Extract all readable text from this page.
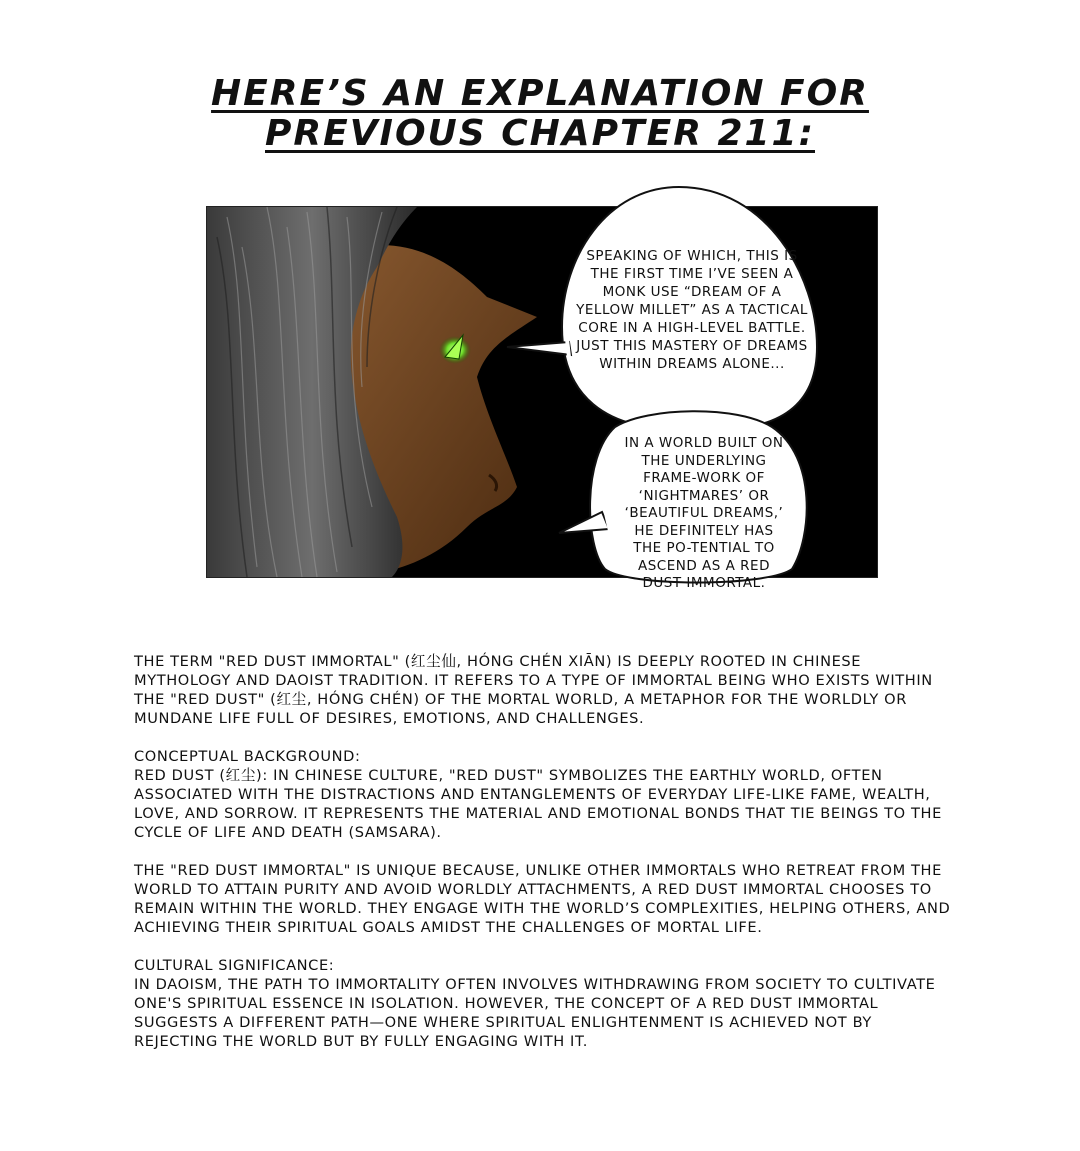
HERE’S AN EXPLANATION FOR
PREVIOUS CHAPTER 211:
SPEAKING OF WHICH, THIS IS THE FIRST TIME I’VE SEEN A MONK USE “DREAM OF A YELLOW MILLET” AS A TACTICAL CORE IN A HIGH-LEVEL BATTLE. JUST THIS MASTERY OF DREAMS WITHIN DREAMS ALONE...
IN A WORLD BUILT ON THE UNDERLYING FRAME-WORK OF ‘NIGHTMARES’ OR ‘BEAUTIFUL DREAMS,’ HE DEFINITELY HAS THE PO-TENTIAL TO ASCEND AS A RED DUST IMMORTAL.

THE TERM "RED DUST IMMORTAL" (红尘仙, HÓNG CHÉN XIĀN) IS DEEPLY ROOTED IN CHINESE MYTHOLOGY AND DAOIST TRADITION. IT REFERS TO A TYPE OF IMMORTAL BEING WHO EXISTS WITHIN THE "RED DUST" (红尘, HÓNG CHÉN) OF THE MORTAL WORLD, A METAPHOR FOR THE WORLDLY OR MUNDANE LIFE FULL OF DESIRES, EMOTIONS, AND CHALLENGES.

CONCEPTUAL BACKGROUND:

RED DUST (红尘): IN CHINESE CULTURE, "RED DUST" SYMBOLIZES THE EARTHLY WORLD, OFTEN ASSOCIATED WITH THE DISTRACTIONS AND ENTANGLEMENTS OF EVERYDAY LIFE-LIKE FAME, WEALTH, LOVE, AND SORROW. IT REPRESENTS THE MATERIAL AND EMOTIONAL BONDS THAT TIE BEINGS TO THE CYCLE OF LIFE AND DEATH (SAMSARA).

THE "RED DUST IMMORTAL" IS UNIQUE BECAUSE, UNLIKE OTHER IMMORTALS WHO RETREAT FROM THE WORLD TO ATTAIN PURITY AND AVOID WORLDLY ATTACHMENTS, A RED DUST IMMORTAL CHOOSES TO REMAIN WITHIN THE WORLD. THEY ENGAGE WITH THE WORLD’S COMPLEXITIES, HELPING OTHERS, AND ACHIEVING THEIR SPIRITUAL GOALS AMIDST THE CHALLENGES OF MORTAL LIFE.

CULTURAL SIGNIFICANCE:

IN DAOISM, THE PATH TO IMMORTALITY OFTEN INVOLVES WITHDRAWING FROM SOCIETY TO CULTIVATE ONE'S SPIRITUAL ESSENCE IN ISOLATION. HOWEVER, THE CONCEPT OF A RED DUST IMMORTAL SUGGESTS A DIFFERENT PATH—ONE WHERE SPIRITUAL ENLIGHTENMENT IS ACHIEVED NOT BY REJECTING THE WORLD BUT BY FULLY ENGAGING WITH IT.
